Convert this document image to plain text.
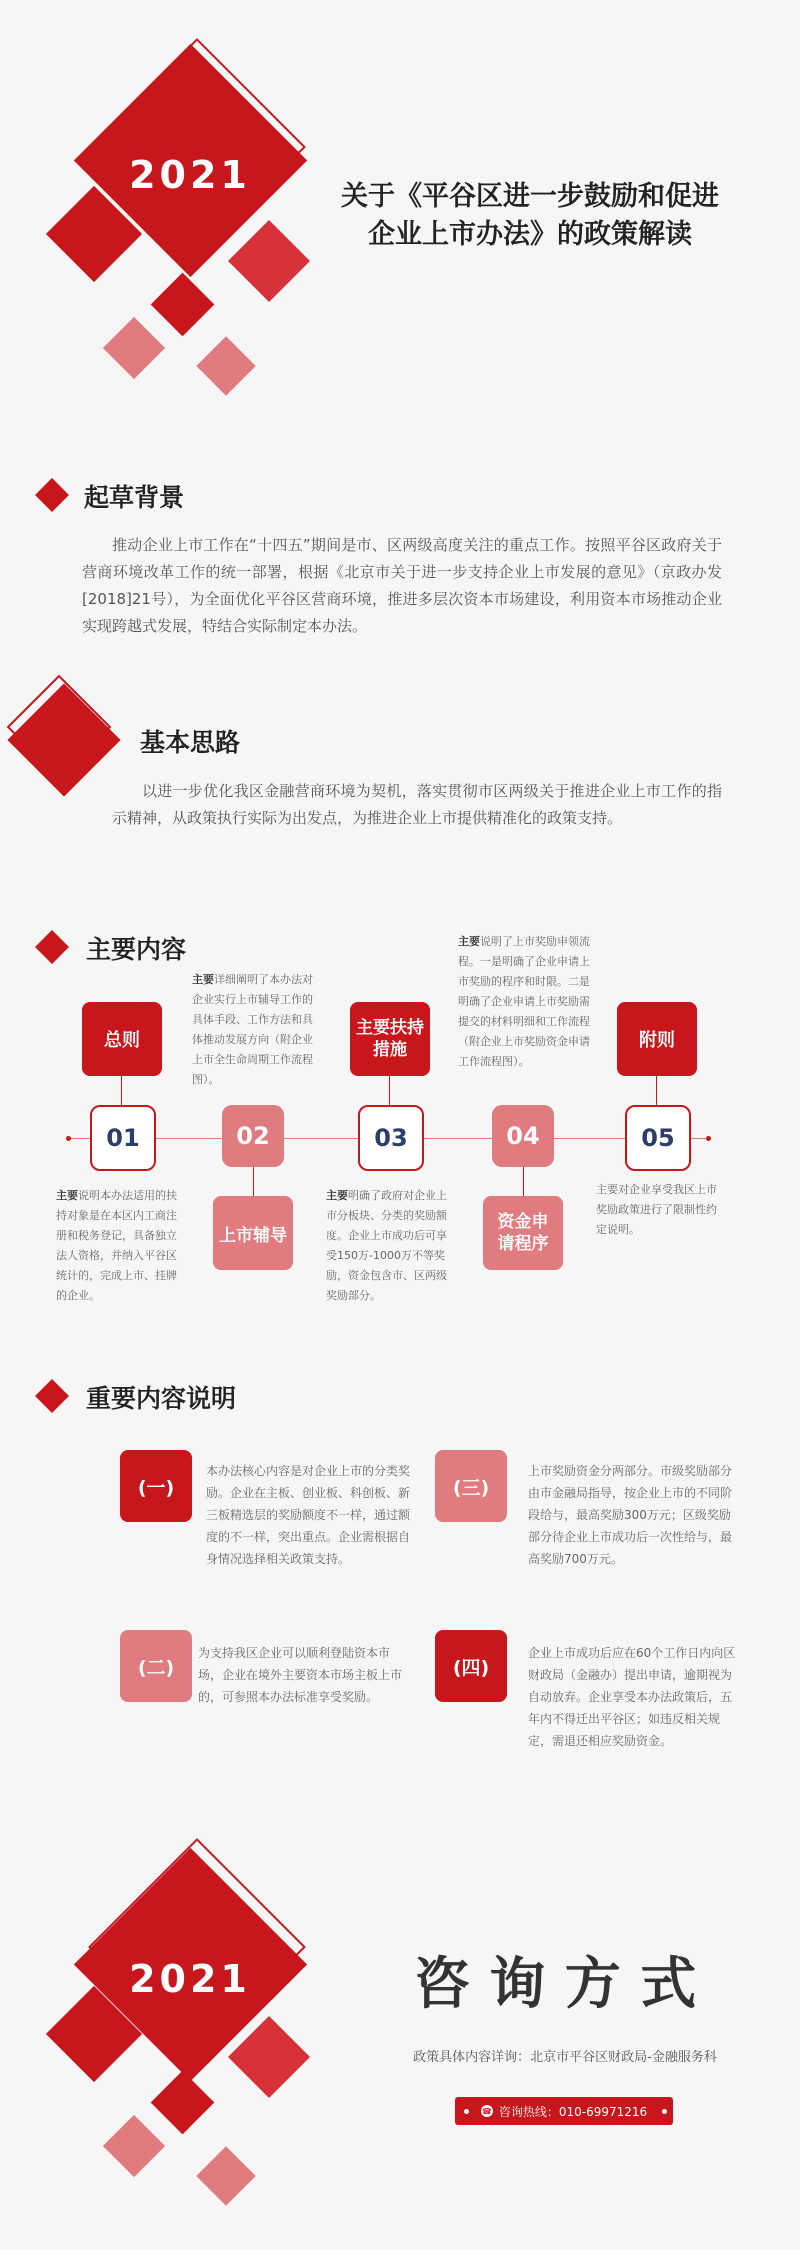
2021	关于《平谷区进一步鼓励和促进
企业上市办法》的政策解读
起草背景
推动企业上市工作在“十四五”期间是市、区两级高度关注的重点工作。按照平谷区政府关于营商环境改革工作的统一部署，根据《北京市关于进一步支持企业上市发展的意见》（京政办发[2018]21号），为全面优化平谷区营商环境，推进多层次资本市场建设，利用资本市场推动企业实现跨越式发展，特结合实际制定本办法。
基本思路
以进一步优化我区金融营商环境为契机，落实贯彻市区两级关于推进企业上市工作的指示精神，从政策执行实际为出发点，为推进企业上市提供精准化的政策支持。
主要内容
总则
01
主要说明本办法适用的扶持对象是在本区内工商注册和税务登记，具备独立法人资格，并纳入平谷区统计的，完成上市、挂牌的企业。
主要详细阐明了本办法对企业实行上市辅导工作的具体手段、工作方法和具体推动发展方向（附企业上市全生命周期工作流程图）。
02
上市辅导
主要扶持措施
03
主要明确了政府对企业上市分板块、分类的奖励额度。企业上市成功后可享受150万-1000万不等奖励，资金包含市、区两级奖励部分。
主要说明了上市奖励申领流程。一是明确了企业申请上市奖励的程序和时限。二是明确了企业申请上市奖励需提交的材料明细和工作流程（附企业上市奖励资金申请工作流程图）。
04
资金申请程序
附则
05
主要对企业享受我区上市奖励政策进行了限制性约定说明。
重要内容说明
(一)
本办法核心内容是对企业上市的分类奖励。企业在主板、创业板、科创板、新三板精选层的奖励额度不一样，通过额度的不一样，突出重点。企业需根据自身情况选择相关政策支持。
(二)
为支持我区企业可以顺利登陆资本市场，企业在境外主要资本市场主板上市的，可参照本办法标准享受奖励。
(三)
上市奖励资金分两部分。市级奖励部分由市金融局指导，按企业上市的不同阶段给与，最高奖励300万元；区级奖励部分待企业上市成功后一次性给与，最高奖励700万元。
(四)
企业上市成功后应在60个工作日内向区财政局（金融办）提出申请，逾期视为自动放弃。企业享受本办法政策后，五年内不得迁出平谷区；如违反相关规定，需退还相应奖励资金。
2021	咨 询 方 式
政策具体内容详询：北京市平谷区财政局-金融服务科
☎ 咨询热线：010-69971216
